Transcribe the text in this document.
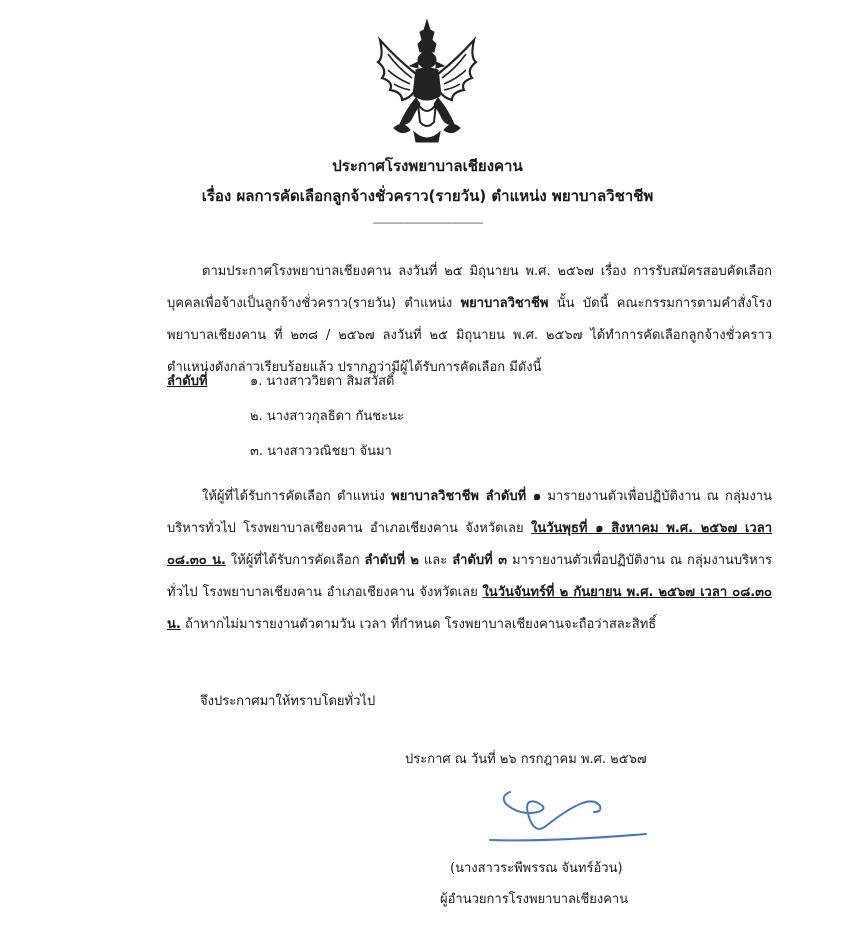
ประกาศโรงพยาบาลเชียงคาน
เรื่อง ผลการคัดเลือกลูกจ้างชั่วคราว(รายวัน) ตำแหน่ง พยาบาลวิชาชีพ
-------------------------------------
ตามประกาศโรงพยาบาลเชียงคาน ลงวันที่ ๒๕ มิถุนายน พ.ศ. ๒๕๖๗ เรื่อง การรับสมัครสอบคัดเลือกบุคคลเพื่อจ้างเป็นลูกจ้างชั่วคราว(รายวัน) ตำแหน่ง พยาบาลวิชาชีพ นั้น บัดนี้ คณะกรรมการตามคำสั่งโรงพยาบาลเชียงคาน ที่ ๒๓๘ / ๒๕๖๗ ลงวันที่ ๒๕ มิถุนายน พ.ศ. ๒๕๖๗ ได้ทำการคัดเลือกลูกจ้างชั่วคราวตำแหน่งดังกล่าวเรียบร้อยแล้ว ปรากฏว่ามีผู้ได้รับการคัดเลือก มีดังนี้
ลำดับที่	๑. นางสาววิยดา สิมสวัสดิ์
๒. นางสาวกุลธิดา กันชะนะ
๓. นางสาววณิชยา จันมา
ให้ผู้ที่ได้รับการคัดเลือก ตำแหน่ง พยาบาลวิชาชีพ ลำดับที่ ๑ มารายงานตัวเพื่อปฏิบัติงาน ณ กลุ่มงานบริหารทั่วไป โรงพยาบาลเชียงคาน อำเภอเชียงคาน จังหวัดเลย ในวันพุธที่ ๑ สิงหาคม พ.ศ. ๒๕๖๗ เวลา ๐๘.๓๐ น. ให้ผู้ที่ได้รับการคัดเลือก ลำดับที่ ๒ และ ลำดับที่ ๓ มารายงานตัวเพื่อปฏิบัติงาน ณ กลุ่มงานบริหารทั่วไป โรงพยาบาลเชียงคาน อำเภอเชียงคาน จังหวัดเลย ในวันจันทร์ที่ ๒ กันยายน พ.ศ. ๒๕๖๗ เวลา ๐๘.๓๐ น. ถ้าหากไม่มารายงานตัวตามวัน เวลา ที่กำหนด โรงพยาบาลเชียงคานจะถือว่าสละสิทธิ์
จึงประกาศมาให้ทราบโดยทั่วไป
ประกาศ ณ วันที่ ๒๖ กรกฎาคม พ.ศ. ๒๕๖๗
(นางสาวระพีพรรณ จันทร์อ้วน)
ผู้อำนวยการโรงพยาบาลเชียงคาน
